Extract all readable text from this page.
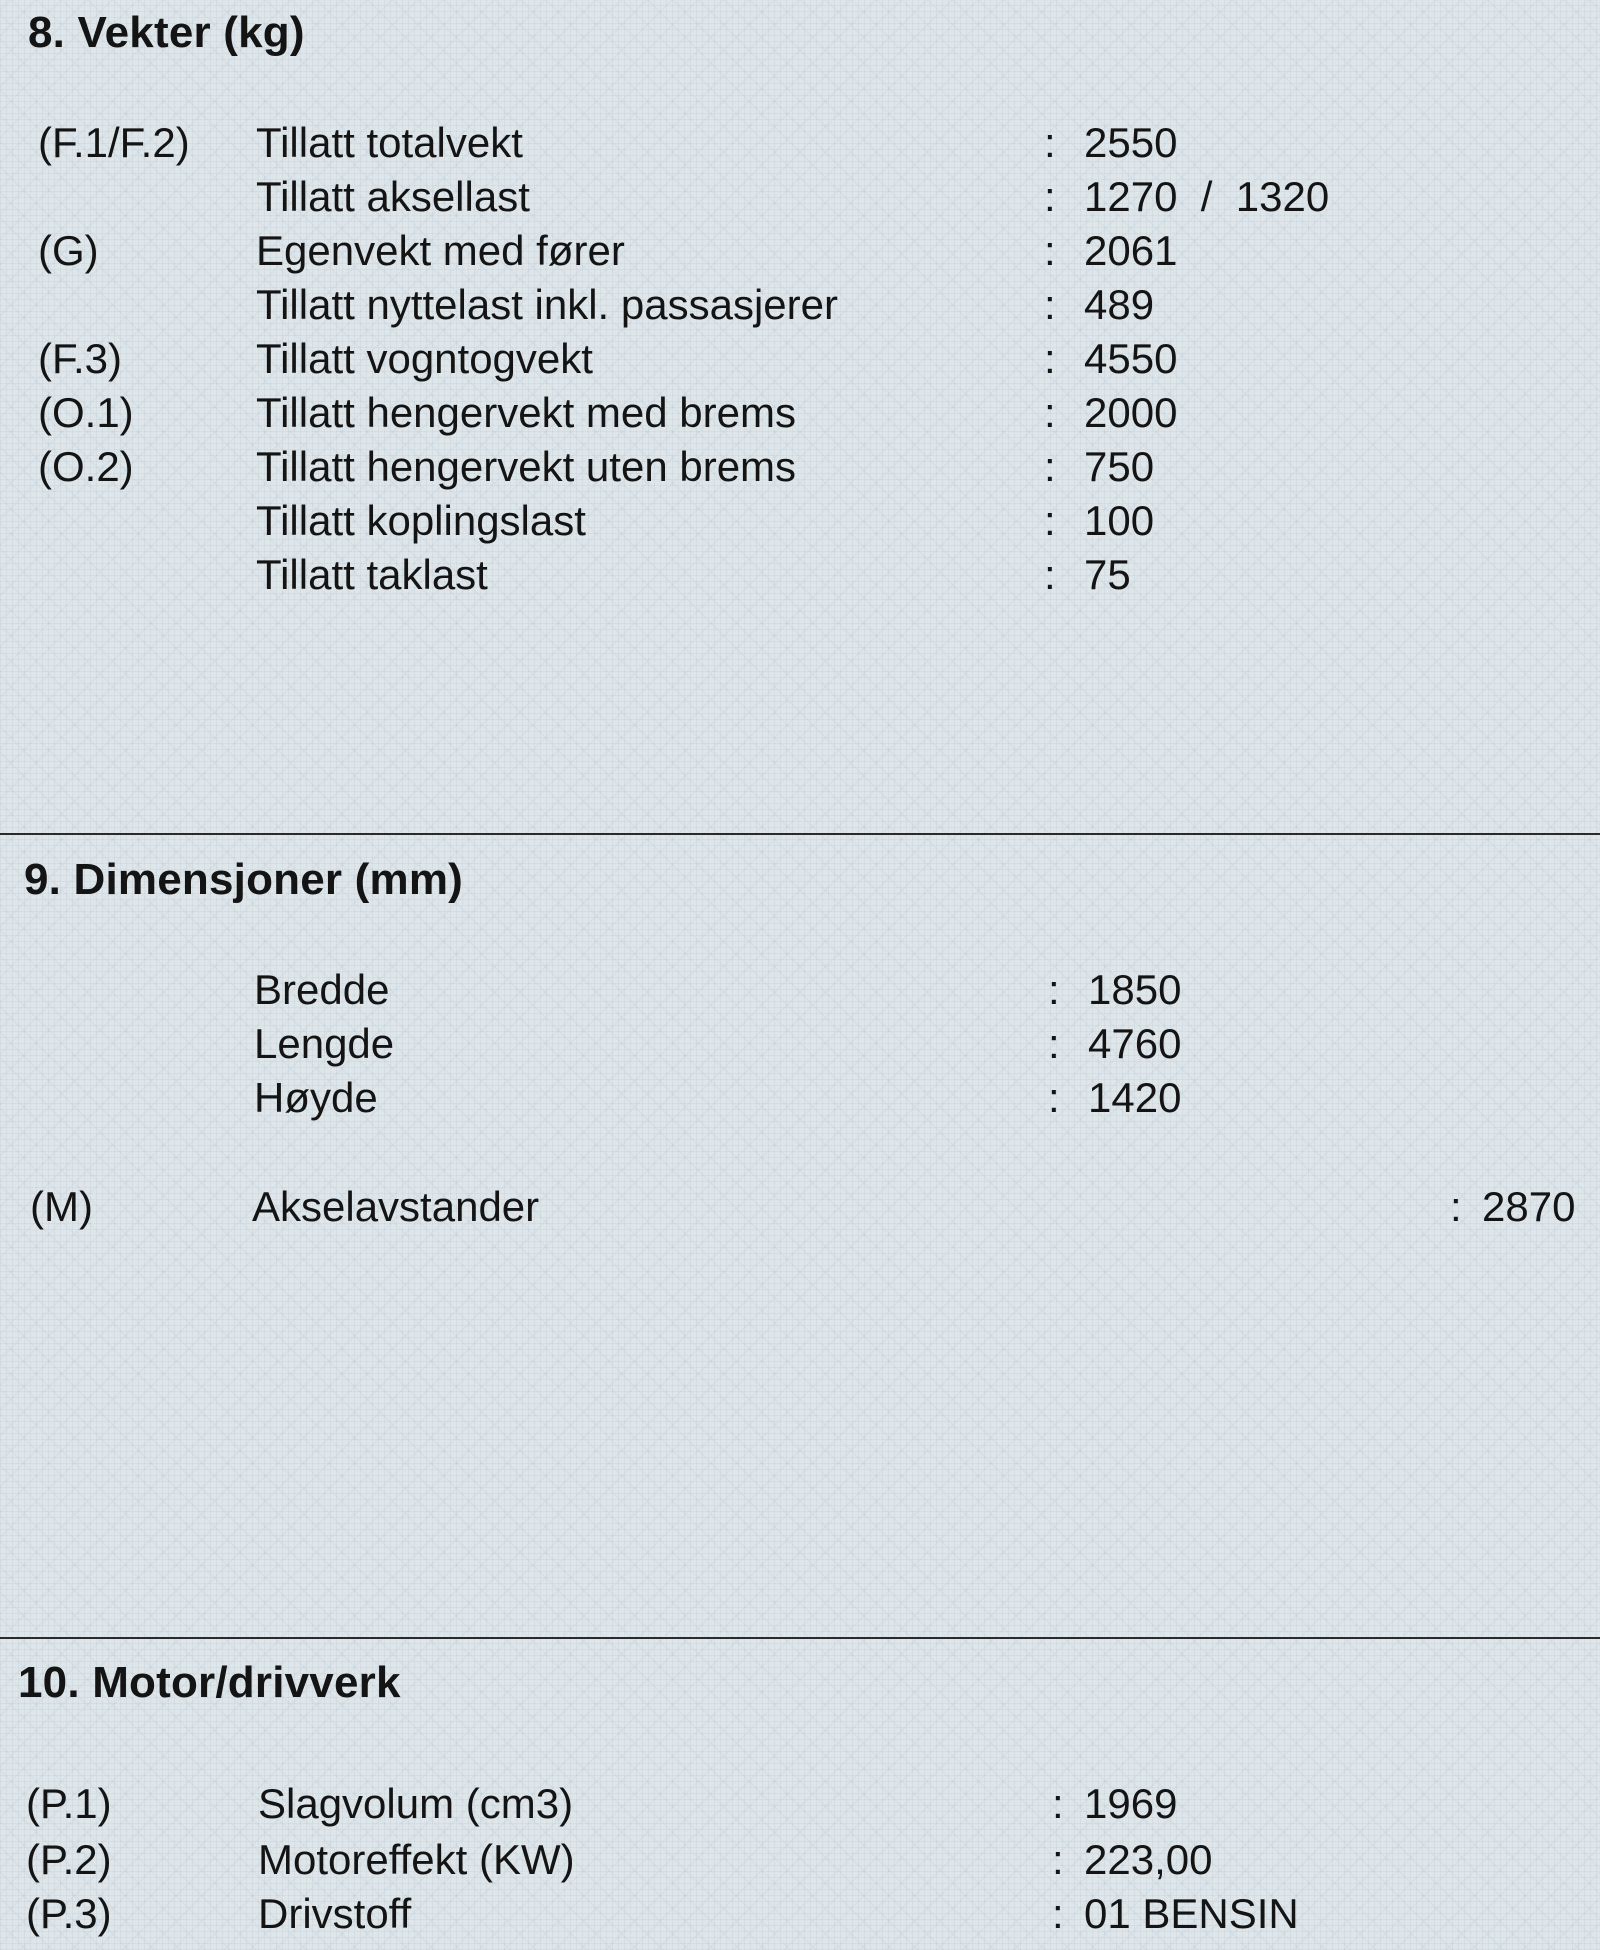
8. Vekter (kg)
(F.1/F.2) Tillatt totalvekt	: 2550
Tillatt aksellast	: 1270  /  1320
(G)	Egenvekt med fører	: 2061
Tillatt nyttelast inkl. passasjerer	: 489
(F.3)	Tillatt vogntogvekt	: 4550
(O.1)	Tillatt hengervekt med brems	: 2000
(O.2)	Tillatt hengervekt uten brems	: 750
Tillatt koplingslast	: 100
Tillatt taklast	: 75
9. Dimensjoner (mm)
Bredde	: 1850
Lengde	: 4760
Høyde	: 1420
(M)	Akselavstander	: 2870
10. Motor/drivverk
(P.1)	Slagvolum (cm3)	: 1969
(P.2)	Motoreffekt (KW)	: 223,00
(P.3)	Drivstoff	: 01 BENSIN
